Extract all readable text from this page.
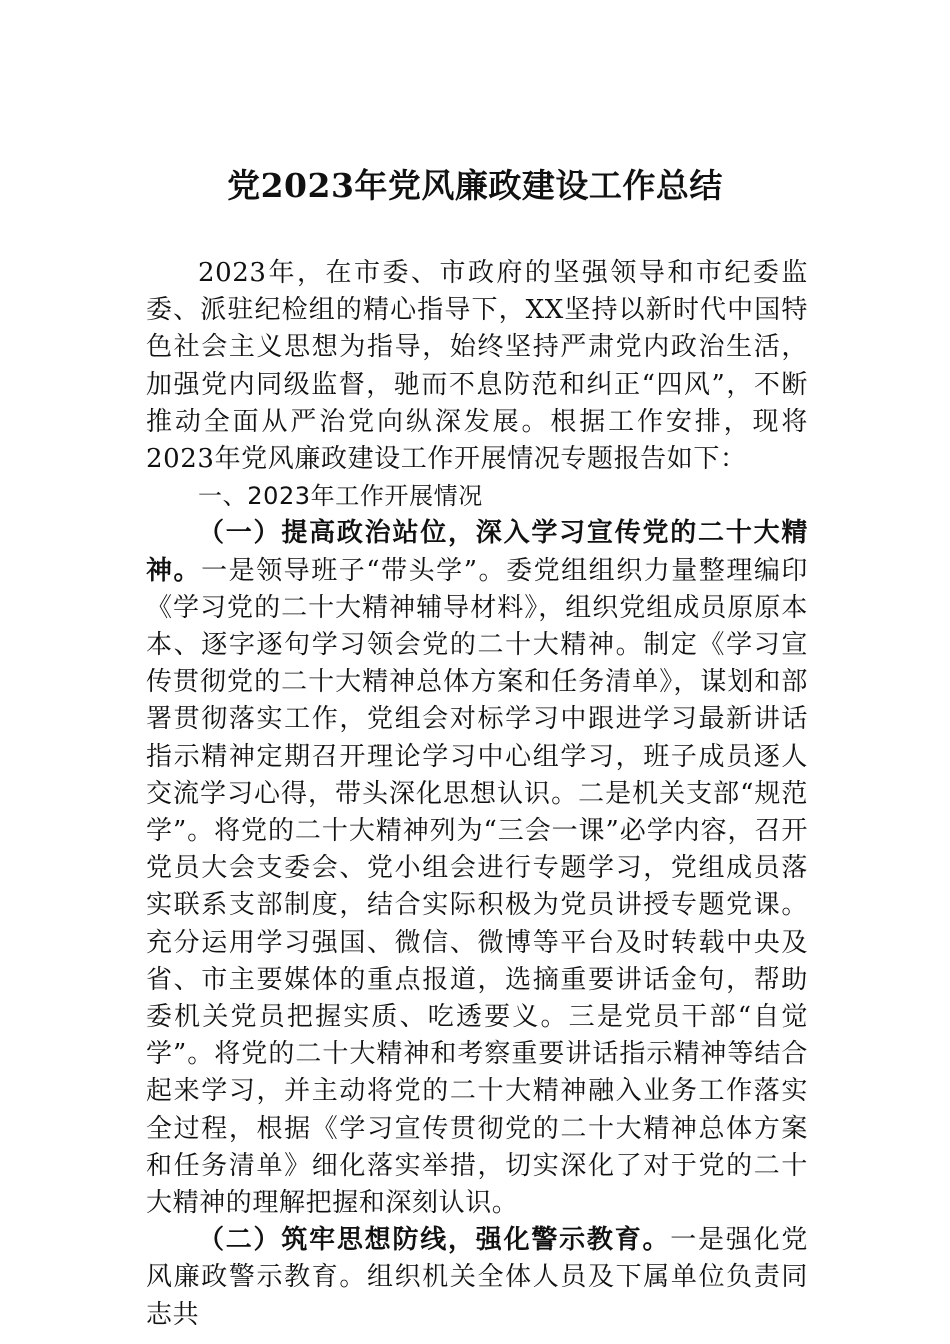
党2023年党风廉政建设工作总结

2023年，在市委、市政府的坚强领导和市纪委监委、派驻纪检组的精心指导下，XX坚持以新时代中国特色社会主义思想为指导，始终坚持严肃党内政治生活，加强党内同级监督，驰而不息防范和纠正“四风”，不断推动全面从严治党向纵深发展。根据工作安排，现将2023年党风廉政建设工作开展情况专题报告如下：

一、2023年工作开展情况

（一）提高政治站位，深入学习宣传党的二十大精神。一是领导班子“带头学”。委党组组织力量整理编印《学习党的二十大精神辅导材料》，组织党组成员原原本本、逐字逐句学习领会党的二十大精神。制定《学习宣传贯彻党的二十大精神总体方案和任务清单》，谋划和部署贯彻落实工作，党组会对标学习中跟进学习最新讲话指示精神定期召开理论学习中心组学习，班子成员逐人交流学习心得，带头深化思想认识。二是机关支部“规范学”。将党的二十大精神列为“三会一课”必学内容，召开党员大会支委会、党小组会进行专题学习，党组成员落实联系支部制度，结合实际积极为党员讲授专题党课。充分运用学习强国、微信、微博等平台及时转载中央及省、市主要媒体的重点报道，选摘重要讲话金句，帮助委机关党员把握实质、吃透要义。三是党员干部“自觉学”。将党的二十大精神和考察重要讲话指示精神等结合起来学习，并主动将党的二十大精神融入业务工作落实全过程，根据《学习宣传贯彻党的二十大精神总体方案和任务清单》细化落实举措，切实深化了对于党的二十大精神的理解把握和深刻认识。

（二）筑牢思想防线，强化警示教育。一是强化党风廉政警示教育。组织机关全体人员及下属单位负责同志共
